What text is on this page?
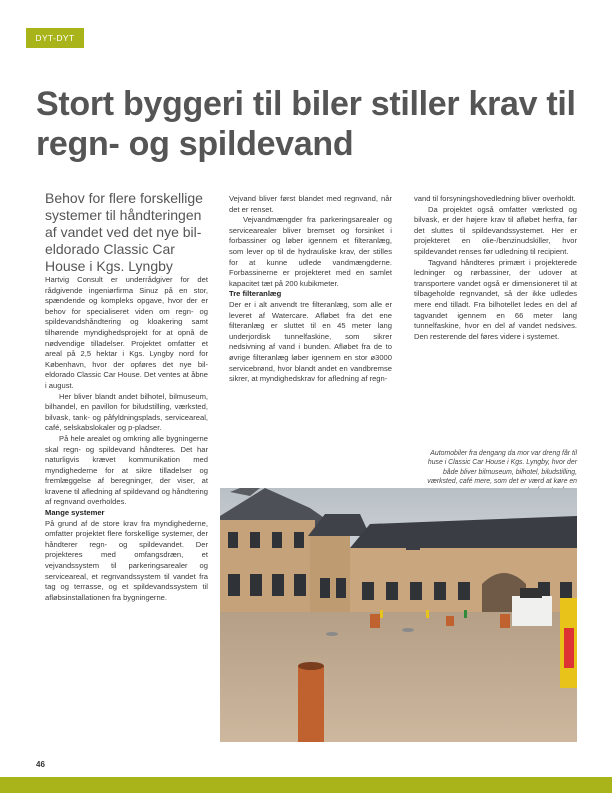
DYT-DYT
Stort byggeri til biler stiller krav til regn- og spildevand

Behov for flere forskellige systemer til håndteringen af vandet ved det nye bil-eldorado Classic Car House i Kgs. Lyngby

Hartvig Consult er underrådgiver for det rådgivende ingeniørfirma Sinuz på en stor, spændende og kompleks opgave, hvor der er behov for specialiseret viden om regn- og spildevandshåndtering og kloakering samt tilhørende myndighedsprojekt for at opnå de nødvendige tilladelser. Projektet omfatter et areal på 2,5 hektar i Kgs. Lyngby nord for København, hvor der opføres det nye bil-eldorado Classic Car House. Det ventes at åbne i august.

Her bliver blandt andet bilhotel, bilmuseum, bilhandel, en pavillon for biludstilling, værksted, bilvask, tank- og påfyldningsplads, serviceareal, café, selskabslokaler og p-pladser.

På hele arealet og omkring alle bygningerne skal regn- og spildevand håndteres. Det har naturligvis krævet kommunikation med myndighederne for at sikre tilladelser og fremlæggelse af beregninger, der viser, at kravene til afledning af spildevand og håndtering af regnvand overholdes.

Mange systemer

På grund af de store krav fra myndighederne, omfatter projektet flere forskellige systemer, der håndterer regn- og spildevandet. Der projekteres med omfangsdræn, et vejvandssystem til parkeringsarealer og serviceareal, et regnvandssystem til vandet fra tag og terrasse, og et spildevandssystem til afløbsinstallationen fra bygningerne.

Vejvand bliver først blandet med regnvand, når det er renset.

Vejvandmængder fra parkeringsarealer og servicearealer bliver bremset og forsinket i forbassiner og løber igennem et filteranlæg, som lever op til de hydrauliske krav, der stilles for at kunne udlede vandmængderne. Forbassinerne er projekteret med en samlet kapacitet tæt på 200 kubikmeter.

Tre filteranlæg

Der er i alt anvendt tre filteranlæg, som alle er leveret af Watercare. Afløbet fra det ene filteranlæg er sluttet til en 45 meter lang underjordisk tunnelfaskine, som sikrer nedsivning af vand i bunden. Afløbet fra de to øvrige filteranlæg løber igennem en stor ø3000 servicebrønd, hvor blandt andet en vandbremse sikrer, at myndighedskrav for afledning af regn-

vand til forsyningshovedledning bliver overholdt.

Da projektet også omfatter værksted og bilvask, er der højere krav til afløbet herfra, før det sluttes til spildevandssystemet. Her er projekteret en olie-/benzinudskiller, hvor spildevandet renses før udledning til recipient.

Tagvand håndteres primært i projekterede ledninger og rørbassiner, der udover at transportere vandet også er dimensioneret til at tilbageholde regnvandet, så der ikke udledes mere end tilladt. Fra bilhotellet ledes en del af tagvandet igennem en 66 meter lang tunnelfaskine, hvor en del af vandet nedsives. Den resterende del føres videre i systemet.

Automobiler fra dengang da mor var dreng får til huse i Classic Car House i Kgs. Lyngby, hvor der både bliver bilmuseum, bilhotel, biludstilling, værksted, café mere, som det er værd at køre en

46
